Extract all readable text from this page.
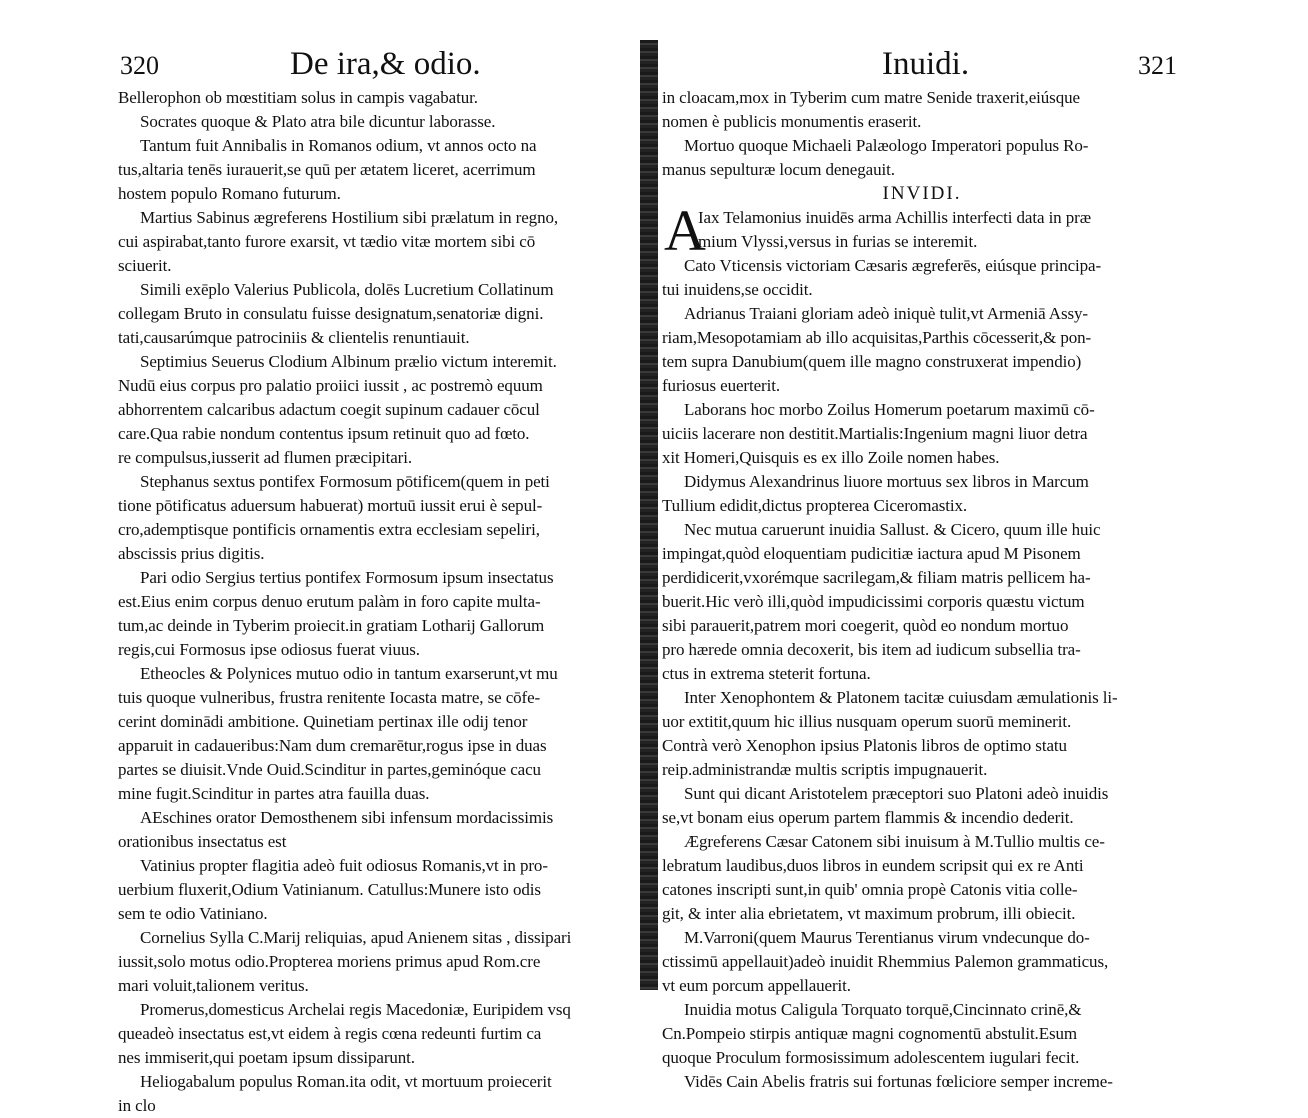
320	De ira,& odio.
Bellerophon ob mœstitiam solus in campis vagabatur.
Socrates quoque & Plato atra bile dicuntur laborasse.
Tantum fuit Annibalis in Romanos odium, vt annos octo na
tus,altaria tenēs iurauerit,se quū per ætatem liceret, acerrimum
hostem populo Romano futurum.
Martius Sabinus ægreferens Hostilium sibi prælatum in regno,
cui aspirabat,tanto furore exarsit, vt tædio vitæ mortem sibi cō
sciuerit.
Simili exēplo Valerius Publicola, dolēs Lucretium Collatinum
collegam Bruto in consulatu fuisse designatum,senatoriæ digni.
tati,causarúmque patrociniis & clientelis renuntiauit.
Septimius Seuerus Clodium Albinum prælio victum interemit.
Nudū eius corpus pro palatio proiici iussit , ac postremò equum
abhorrentem calcaribus adactum coegit supinum cadauer cōcul
care.Qua rabie nondum contentus ipsum retinuit quo ad fœto.
re compulsus,iusserit ad flumen præcipitari.
Stephanus sextus pontifex Formosum pōtificem(quem in peti
tione pōtificatus aduersum habuerat) mortuū iussit erui è sepul-
cro,ademptisque pontificis ornamentis extra ecclesiam sepeliri,
abscissis prius digitis.
Pari odio Sergius tertius pontifex Formosum ipsum insectatus
est.Eius enim corpus denuo erutum palàm in foro capite multa-
tum,ac deinde in Tyberim proiecit.in gratiam Lotharij Gallorum
regis,cui Formosus ipse odiosus fuerat viuus.
Etheocles & Polynices mutuo odio in tantum exarserunt,vt mu
tuis quoque vulneribus, frustra renitente Iocasta matre, se cōfe-
cerint dominādi ambitione. Quinetiam pertinax ille odij tenor
apparuit in cadaueribus:Nam dum cremarētur,rogus ipse in duas
partes se diuisit.Vnde Ouid.Scinditur in partes,geminóque cacu
mine fugit.Scinditur in partes atra fauilla duas.
AEschines orator Demosthenem sibi infensum mordacissimis
orationibus insectatus est
Vatinius propter flagitia adeò fuit odiosus Romanis,vt in pro-
uerbium fluxerit,Odium Vatinianum. Catullus:Munere isto odis
sem te odio Vatiniano.
Cornelius Sylla C.Marij reliquias, apud Anienem sitas , dissipari
iussit,solo motus odio.Propterea moriens primus apud Rom.cre
mari voluit,talionem veritus.
Promerus,domesticus Archelai regis Macedoniæ, Euripidem vsq
queadeò insectatus est,vt eidem à regis cœna redeunti furtim ca
nes immiserit,qui poetam ipsum dissiparunt.
Heliogabalum populus Roman.ita odit, vt mortuum proiecerit
in clo
Inuidi.	321
in cloacam,mox in Tyberim cum matre Senide traxerit,eiúsque
nomen è publicis monumentis eraserit.
Mortuo quoque Michaeli Palæologo Imperatori populus Ro-
manus sepulturæ locum denegauit.
INVIDI.
A
Iax Telamonius inuidēs arma Achillis interfecti data in præ
mium Vlyssi,versus in furias se interemit.
Cato Vticensis victoriam Cæsaris ægreferēs, eiúsque principa-
tui inuidens,se occidit.
Adrianus Traiani gloriam adeò iniquè tulit,vt Armeniā Assy-
riam,Mesopotamiam ab illo acquisitas,Parthis cōcesserit,& pon-
tem supra Danubium(quem ille magno construxerat impendio)
furiosus euerterit.
Laborans hoc morbo Zoilus Homerum poetarum maximū cō-
uiciis lacerare non destitit.Martialis:Ingenium magni liuor detra
xit Homeri,Quisquis es ex illo Zoile nomen habes.
Didymus Alexandrinus liuore mortuus sex libros in Marcum
Tullium edidit,dictus propterea Ciceromastix.
Nec mutua caruerunt inuidia Sallust. & Cicero, quum ille huic
impingat,quòd eloquentiam pudicitiæ iactura apud M Pisonem
perdidicerit,vxorémque sacrilegam,& filiam matris pellicem ha-
buerit.Hic verò illi,quòd impudicissimi corporis quæstu victum
sibi parauerit,patrem mori coegerit, quòd eo nondum mortuo
pro hærede omnia decoxerit, bis item ad iudicum subsellia tra-
ctus in extrema steterit fortuna.
Inter Xenophontem & Platonem tacitæ cuiusdam æmulationis li-
uor extitit,quum hic illius nusquam operum suorū meminerit.
Contrà verò Xenophon ipsius Platonis libros de optimo statu
reip.administrandæ multis scriptis impugnauerit.
Sunt qui dicant Aristotelem præceptori suo Platoni adeò inuidis
se,vt bonam eius operum partem flammis & incendio dederit.
Ægreferens Cæsar Catonem sibi inuisum à M.Tullio multis ce-
lebratum laudibus,duos libros in eundem scripsit qui ex re Anti
catones inscripti sunt,in quib' omnia propè Catonis vitia colle-
git, & inter alia ebrietatem, vt maximum probrum, illi obiecit.
M.Varroni(quem Maurus Terentianus virum vndecunque do-
ctissimū appellauit)adeò inuidit Rhemmius Palemon grammaticus,
vt eum porcum appellauerit.
Inuidia motus Caligula Torquato torquē,Cincinnato crinē,&
Cn.Pompeio stirpis antiquæ magni cognomentū abstulit.Esum
quoque Proculum formosissimum adolescentem iugulari fecit.
Vidēs Cain Abelis fratris sui fortunas fœliciore semper increme-
